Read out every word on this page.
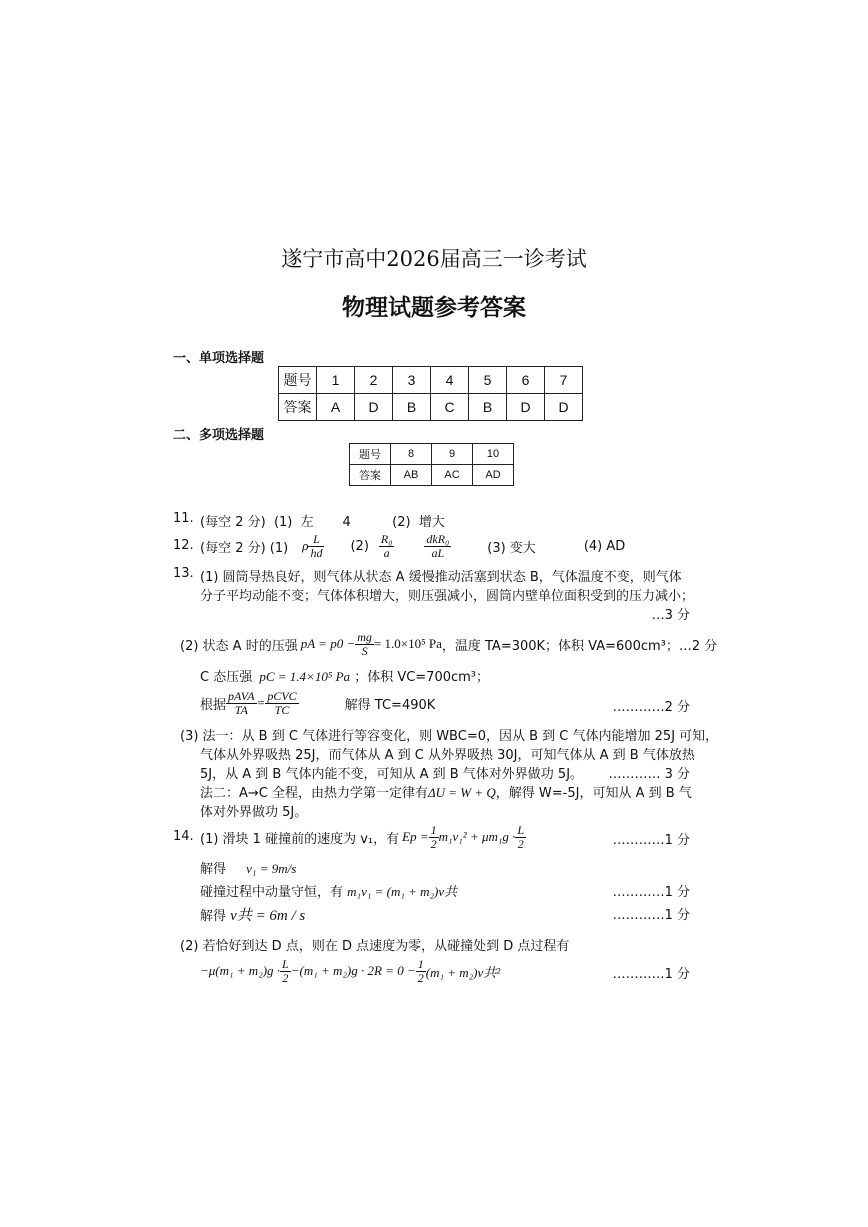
遂宁市高中2026届高三一诊考试
物理试题参考答案
一、单项选择题
题号	1	2	3	4	5	6	7
答案	A	D	B	C	B	D	D
二、多项选择题
题号	8	9	10
答案	AB	AC	AD
11. (每空 2 分)  (1)  左       4          (2)  增大
12. (每空 2 分) (1) ρ $\frac{L}{hd} (2) \frac{\text{R₀}}{a}$	$\frac{\text{dkR₀}}{aL}$	(3) 变大	(4) AD
13. (1) 圆筒导热良好，则气体从状态 A 缓慢推动活塞到状态 B，气体温度不变，则气体
分子平均动能不变；气体体积增大，则压强减小，圆筒内壁单位面积受到的压力减小；
…3 分
(2) 状态 A 时的压强 pA = $p0 - \frac{mg}{S} = 1.0\times 10^5$ Pa ，温度 TA=300K；体积 VA=600cm³；…2 分
C 态压强 pC = 1.4×10⁵ Pa ；体积 VC=700cm³；
根据 $\frac{\text{pAVA}}{TA} = \frac{\text{pCVC}}{TC}$	解得 TC=490K	…………2 分
(3) 法一：从 B 到 C 气体进行等容变化，则 WBC=0，因从 B 到 C 气体内能增加 25J 可知，
气体从外界吸热 25J，而气体从 A 到 C 从外界吸热 30J，可知气体从 A 到 B 气体放热
5J，从 A 到 B 气体内能不变，可知从 A 到 B 气体对外界做功 5J。 ………… 3 分
法二：A→C 全程，由热力学第一定律有ΔU = W + Q，解得 W=-5J，可知从 A 到 B 气
体对外界做功 5J。
14. (1) 滑块 1 碰撞前的速度为 v₁，有 $Ep = \frac{1}{2} m_1v_1^2 + \mu m_1g \cdot \frac{L}{2}$	…………1 分
解得 v₁ = 9m/s
碰撞过程中动量守恒，有 m₁v₁ = (m₁ + m₂)v共	…………1 分
解得 v共 = 6m / s	…………1 分
(2) 若恰好到达 D 点，则在 D 点速度为零，从碰撞处到 D 点过程有
$-\mu(m_1 + m_2)g \cdot \frac{L}{2} -(m_1 + m_2)g \cdot 2R = 0 - \frac{1}{2} (m_1 + m_2)v$共²	…………1 分
